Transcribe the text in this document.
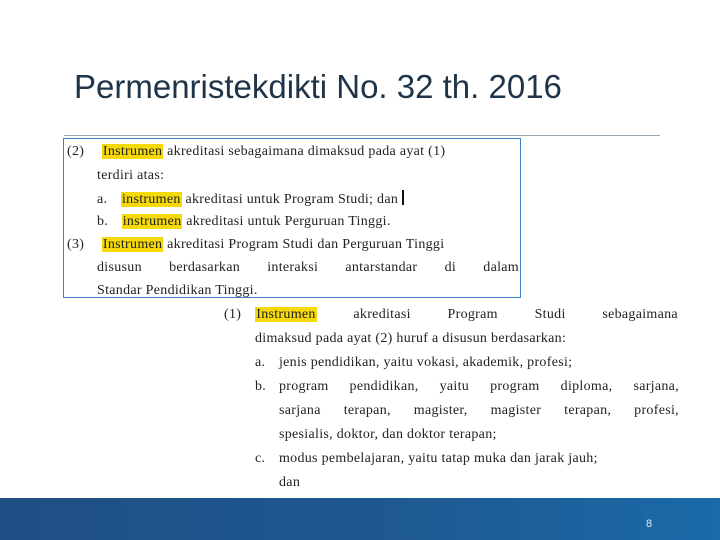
Permenristekdikti No. 32 th. 2016
(2) Instrumen akreditasi sebagaimana dimaksud pada ayat (1)
terdiri atas:
a. instrumen akreditasi untuk Program Studi; dan
b. instrumen akreditasi untuk Perguruan Tinggi.
(3) Instrumen akreditasi Program Studi dan Perguruan Tinggi
disusun berdasarkan interaksi antarstandar di dalam
Standar Pendidikan Tinggi.
(1) Instrumen	akreditasi	Program	Studi	sebagaimana
dimaksud pada ayat (2) huruf a disusun berdasarkan:
a. jenis pendidikan, yaitu vokasi, akademik, profesi;
b. program pendidikan, yaitu program diploma, sarjana,
sarjana terapan, magister, magister terapan, profesi,
spesialis, doktor, dan doktor terapan;
c. modus pembelajaran, yaitu tatap muka dan jarak jauh;
dan
8
